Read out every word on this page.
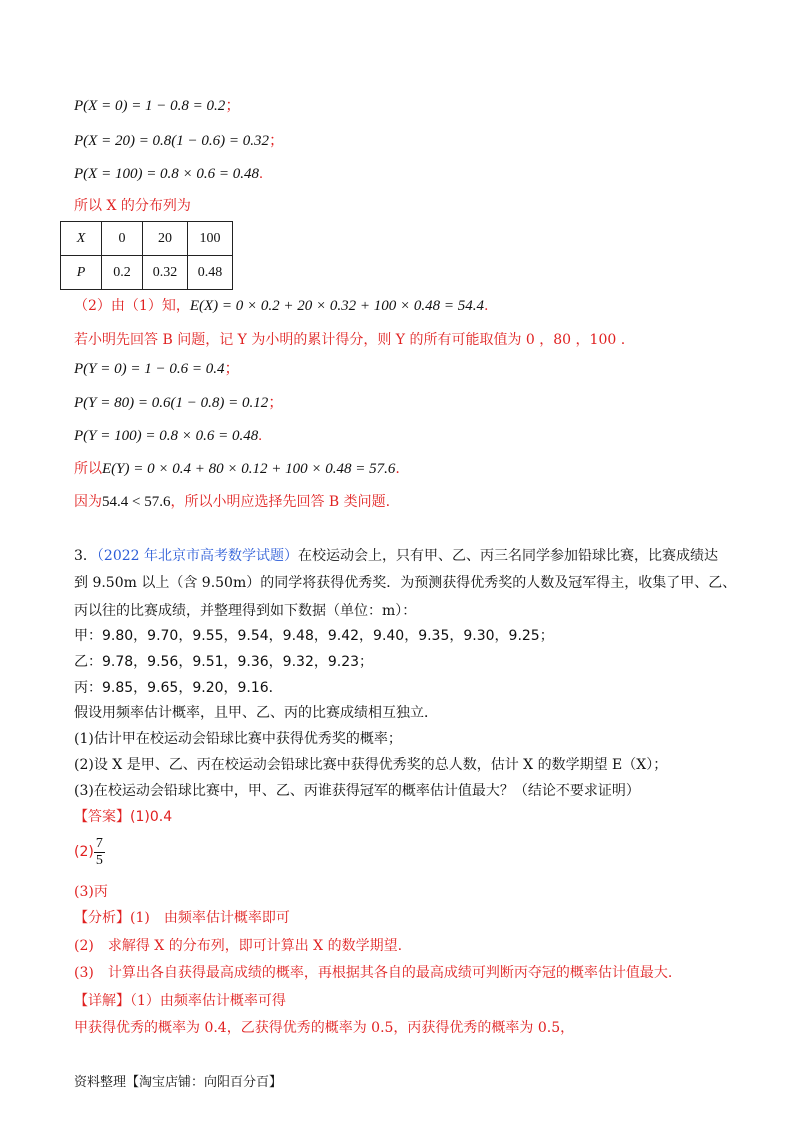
P(X = 0) = 1 − 0.8 = 0.2；
P(X = 20) = 0.8(1 − 0.6) = 0.32；
P(X = 100) = 0.8 × 0.6 = 0.48.
所以 X 的分布列为
X	0	20	100
P	0.2	0.32	0.48
（2）由（1）知，E(X) = 0 × 0.2 + 20 × 0.32 + 100 × 0.48 = 54.4.
若小明先回答 B 问题，记 Y 为小明的累计得分，则 Y 的所有可能取值为 0 ，80 ，100 .
P(Y = 0) = 1 − 0.6 = 0.4；
P(Y = 80) = 0.6(1 − 0.8) = 0.12；
P(Y = 100) = 0.8 × 0.6 = 0.48.
所以E(Y) = 0 × 0.4 + 80 × 0.12 + 100 × 0.48 = 57.6.
因为54.4 < 57.6，所以小明应选择先回答 B 类问题.
3．（2022 年北京市高考数学试题）在校运动会上，只有甲、乙、丙三名同学参加铅球比赛，比赛成绩达
到 9.50m 以上（含 9.50m）的同学将获得优秀奖．为预测获得优秀奖的人数及冠军得主，收集了甲、乙、
丙以往的比赛成绩，并整理得到如下数据（单位：m）：
甲：9.80，9.70，9.55，9.54，9.48，9.42，9.40，9.35，9.30，9.25；
乙：9.78，9.56，9.51，9.36，9.32，9.23；
丙：9.85，9.65，9.20，9.16．
假设用频率估计概率，且甲、乙、丙的比赛成绩相互独立．
(1)估计甲在校运动会铅球比赛中获得优秀奖的概率；
(2)设 X 是甲、乙、丙在校运动会铅球比赛中获得优秀奖的总人数，估计 X 的数学期望 E（X）；
(3)在校运动会铅球比赛中，甲、乙、丙谁获得冠军的概率估计值最大？（结论不要求证明）
【答案】(1)0.4
$(2) \frac{7}{5}$
(3)丙
【分析】(1)　由频率估计概率即可
(2)　求解得 X 的分布列，即可计算出 X 的数学期望.
(3)　计算出各自获得最高成绩的概率，再根据其各自的最高成绩可判断丙夺冠的概率估计值最大.
【详解】（1）由频率估计概率可得
甲获得优秀的概率为 0.4，乙获得优秀的概率为 0.5，丙获得优秀的概率为 0.5，
资料整理【淘宝店铺：向阳百分百】
